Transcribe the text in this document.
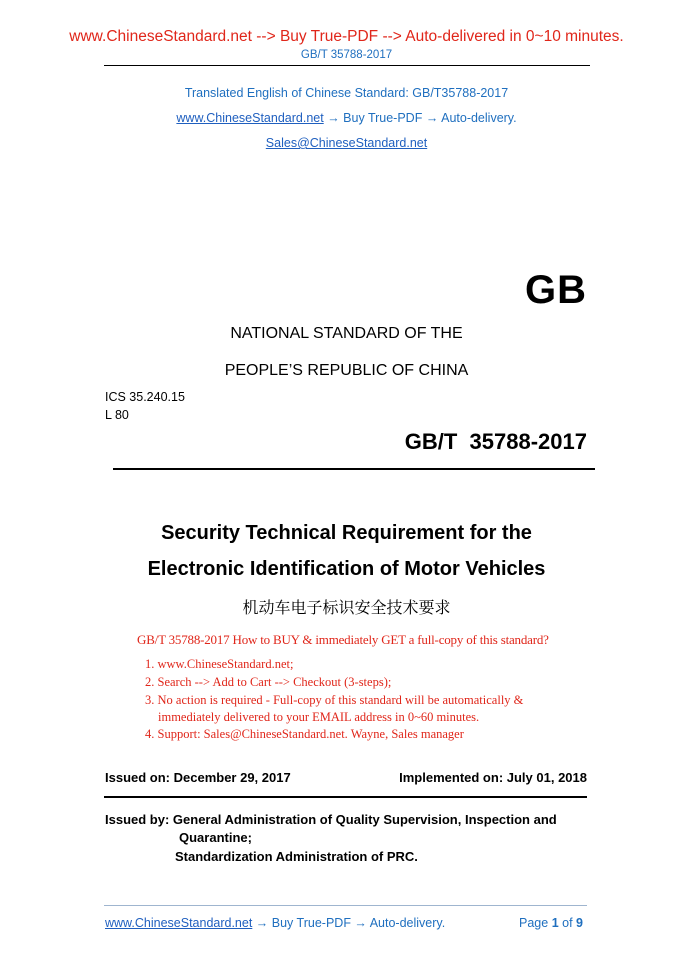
www.ChineseStandard.net --> Buy True-PDF --> Auto-delivered in 0~10 minutes.
GB/T 35788-2017
Translated English of Chinese Standard: GB/T35788-2017
www.ChineseStandard.net → Buy True-PDF → Auto-delivery.
Sales@ChineseStandard.net
GB
NATIONAL STANDARD OF THE
PEOPLE’S REPUBLIC OF CHINA
ICS 35.240.15
L 80
GB/T  35788-2017
Security Technical Requirement for the
Electronic Identification of Motor Vehicles
机动车电子标识安全技术要求
GB/T 35788-2017 How to BUY & immediately GET a full-copy of this standard?
1. www.ChineseStandard.net;
2. Search --> Add to Cart --> Checkout (3-steps);
3. No action is required - Full-copy of this standard will be automatically &
immediately delivered to your EMAIL address in 0~60 minutes.
4. Support: Sales@ChineseStandard.net. Wayne, Sales manager
Issued on: December 29, 2017	Implemented on: July 01, 2018
Issued by: General Administration of Quality Supervision, Inspection and
Quarantine;
Standardization Administration of PRC.
www.ChineseStandard.net → Buy True-PDF → Auto-delivery.	Page 1 of 9
